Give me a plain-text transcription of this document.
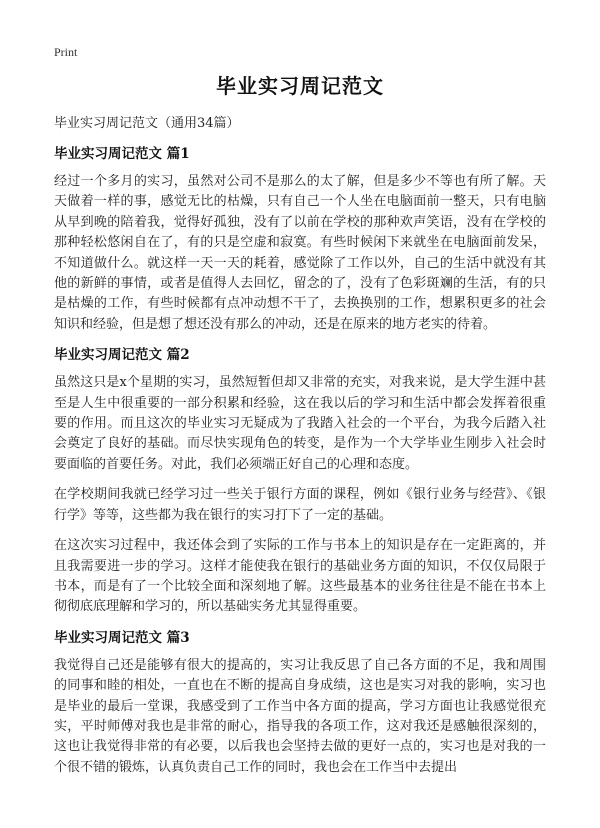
Print
毕业实习周记范文
毕业实习周记范文（通用34篇）
毕业实习周记范文 篇1

经过一个多月的实习，虽然对公司不是那么的太了解，但是多少不等也有所了解。天天做着一样的事，感觉无比的枯燥，只有自己一个人坐在电脑面前一整天，只有电脑从早到晚的陪着我，觉得好孤独，没有了以前在学校的那种欢声笑语，没有在学校的那种轻松悠闲自在了，有的只是空虚和寂寞。有些时候闲下来就坐在电脑面前发呆，不知道做什么。就这样一天一天的耗着，感觉除了工作以外，自己的生活中就没有其他的新鲜的事情，或者是值得人去回忆，留念的了，没有了色彩斑斓的生活，有的只是枯燥的工作，有些时候都有点冲动想不干了，去换换别的工作，想累积更多的社会知识和经验，但是想了想还没有那么的冲动，还是在原来的地方老实的待着。

毕业实习周记范文 篇2

虽然这只是x个星期的实习，虽然短暂但却又非常的充实，对我来说，是大学生涯中甚至是人生中很重要的一部分积累和经验，这在我以后的学习和生活中都会发挥着很重要的作用。而且这次的毕业实习无疑成为了我踏入社会的一个平台，为我今后踏入社会奠定了良好的基础。而尽快实现角色的转变，是作为一个大学毕业生刚步入社会时要面临的首要任务。对此，我们必须端正好自己的心理和态度。

在学校期间我就已经学习过一些关于银行方面的课程，例如《银行业务与经营》、《银行学》等等，这些都为我在银行的实习打下了一定的基础。

在这次实习过程中，我还体会到了实际的工作与书本上的知识是存在一定距离的，并且我需要进一步的学习。这样才能使我在银行的基础业务方面的知识，不仅仅局限于书本，而是有了一个比较全面和深刻地了解。这些最基本的业务往往是不能在书本上彻彻底底理解和学习的，所以基础实务尤其显得重要。

毕业实习周记范文 篇3

我觉得自己还是能够有很大的提高的，实习让我反思了自己各方面的不足，我和周围的同事和睦的相处，一直也在不断的提高自身成绩，这也是实习对我的影响，实习也是毕业的最后一堂课，我感受到了工作当中各方面的提高，学习方面也让我感觉很充实，平时师傅对我也是非常的耐心，指导我的各项工作，这对我还是感触很深刻的，这也让我觉得非常的有必要，以后我也会坚持去做的更好一点的，实习也是对我的一个很不错的锻炼，认真负责自己工作的同时，我也会在工作当中去提出
